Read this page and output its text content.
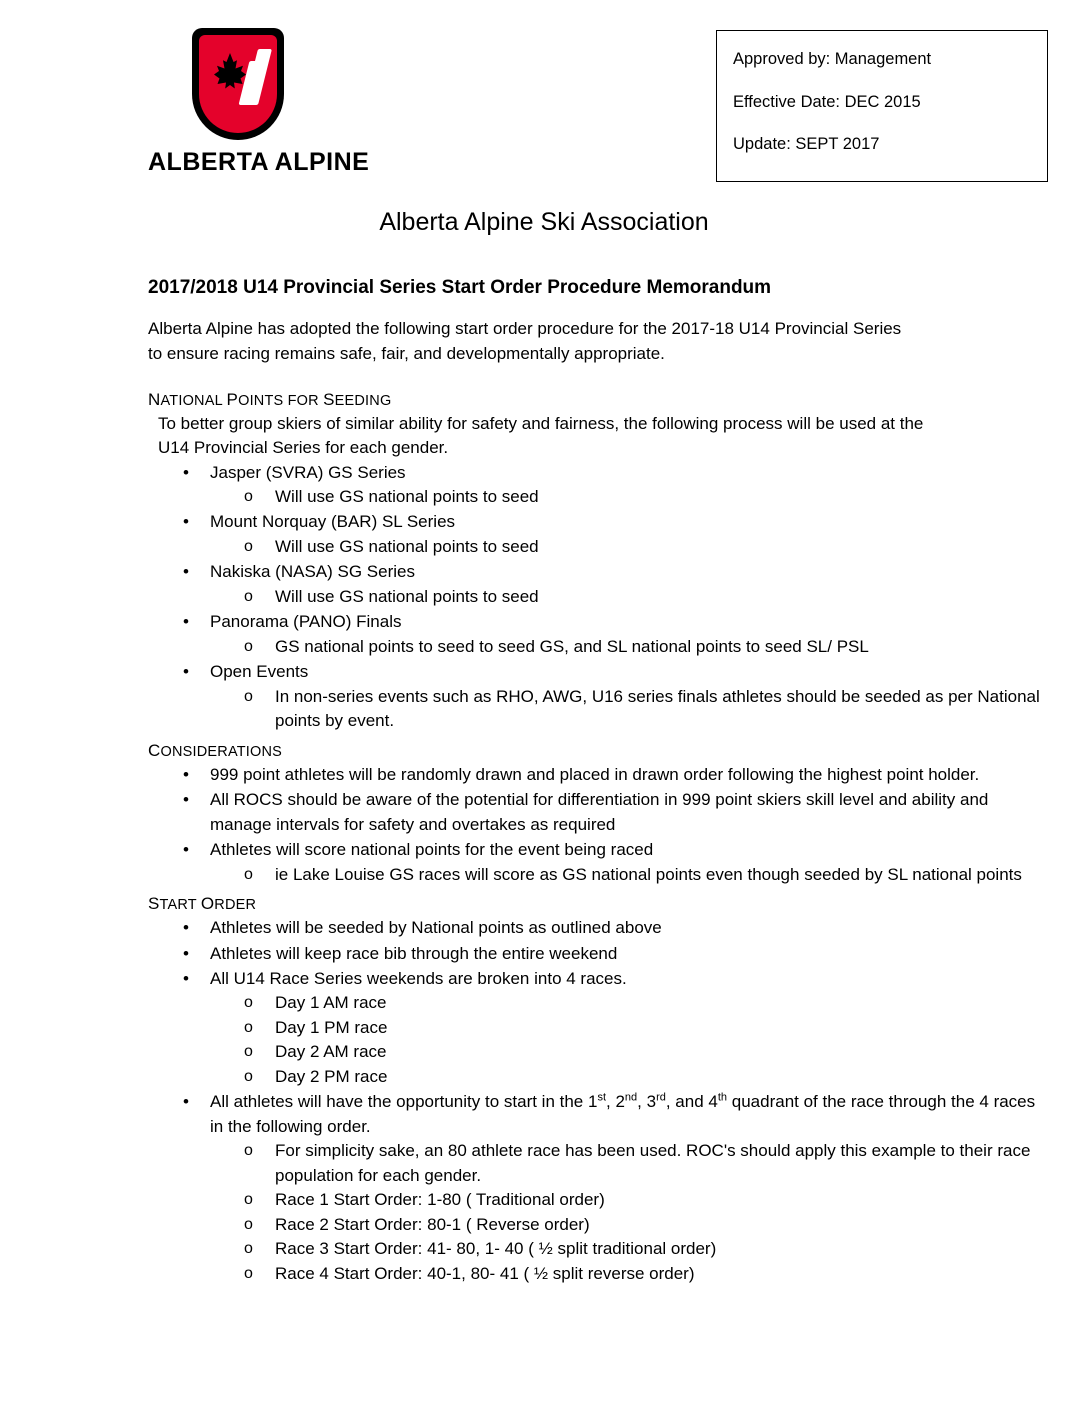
ALBERTA ALPINE
Approved by: Management
Effective Date: DEC 2015
Update: SEPT 2017
Alberta Alpine Ski Association
2017/2018 U14 Provincial Series Start Order Procedure Memorandum
Alberta Alpine has adopted the following start order procedure for the 2017-18 U14 Provincial Series to ensure racing remains safe, fair, and developmentally appropriate.
NATIONAL POINTS FOR SEEDING
To better group skiers of similar ability for safety and fairness, the following process will be used at the U14 Provincial Series for each gender.
• Jasper (SVRA) GS Series
o Will use GS national points to seed
• Mount Norquay (BAR) SL Series
o Will use GS national points to seed
• Nakiska (NASA) SG Series
o Will use GS national points to seed
• Panorama (PANO) Finals
o GS national points to seed to seed GS, and SL national points to seed SL/ PSL
• Open Events
o In non-series events such as RHO, AWG, U16 series finals athletes should be seeded as per National points by event.
CONSIDERATIONS
• 999 point athletes will be randomly drawn and placed in drawn order following the highest point holder.
• All ROCS should be aware of the potential for differentiation in 999 point skiers skill level and ability and manage intervals for safety and overtakes as required
• Athletes will score national points for the event being raced
o ie Lake Louise GS races will score as GS national points even though seeded by SL national points
START ORDER
• Athletes will be seeded by National points as outlined above
• Athletes will keep race bib through the entire weekend
• All U14 Race Series weekends are broken into 4 races.
o Day 1 AM race
o Day 1 PM race
o Day 2 AM race
o Day 2 PM race
• All athletes will have the opportunity to start in the 1st, 2nd, 3rd, and 4th quadrant of the race through the 4 races in the following order.
o For simplicity sake, an 80 athlete race has been used. ROC's should apply this example to their race population for each gender.
o Race 1 Start Order: 1-80 ( Traditional order)
o Race 2 Start Order: 80-1 ( Reverse order)
o Race 3 Start Order: 41- 80, 1- 40 ( ½ split traditional order)
o Race 4 Start Order: 40-1, 80- 41 ( ½ split reverse order)
